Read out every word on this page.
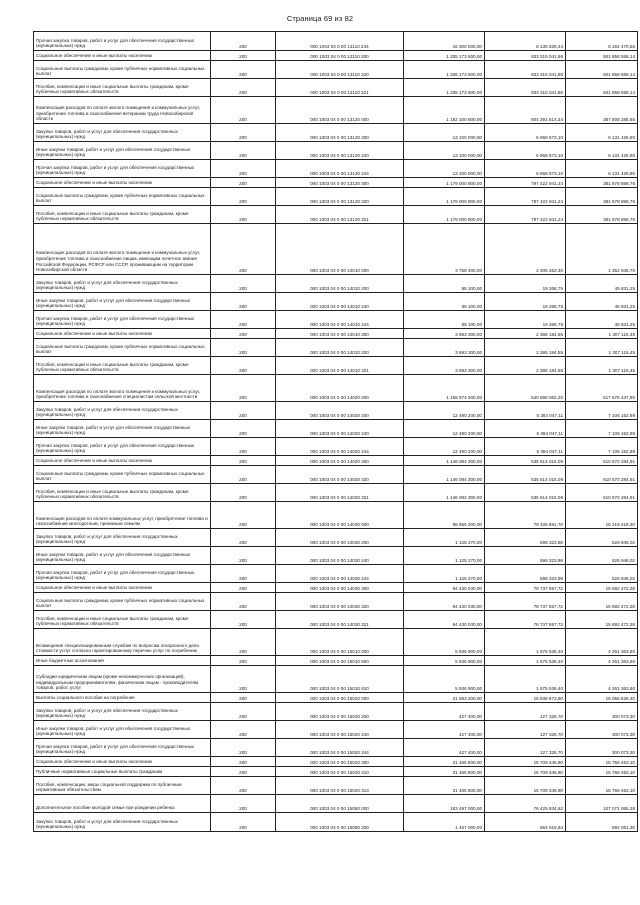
Страница 69 из 82
Прочая закупка товаров, работ и услуг для обеспечения государственных (муниципальных) нужд	200	000 1003 04 0 00 13110 244	16 300 000,00	8 135 629,44	8 164 470,56

Социальное обеспечение и иные выплаты населению	200	000 1003 04 0 00 13110 300	1 335 173 600,00	833 315 041,86	501 858 558,14

Социальные выплаты гражданам, кроме публичных нормативных социальных выплат	200	000 1003 04 0 00 13110 320	1 335 173 600,00	833 315 041,86	501 858 558,14

Пособия, компенсации и иные социальные выплаты гражданам, кроме публичных нормативных обязательств	200	000 1003 04 0 00 13110 321	1 335 173 600,00	833 315 041,86	501 858 558,14

Компенсация расходов по оплате жилого помещения и коммунальных услуг, приобретение топлива и газоснабжение ветеранам труда Новосибирской области	200	000 1003 04 0 00 13120 000	1 192 100 800,00	804 391 514,34	387 808 285,66

Закупка товаров, работ и услуг для обеспечения государственных (муниципальных) нужд	200	000 1003 04 0 00 13120 200	13 100 000,00	6 968 573,10	6 131 426,90

Иные закупки товаров, работ и услуг для обеспечения государственных (муниципальных) нужд	200	000 1003 04 0 00 13120 240	13 100 000,00	6 968 573,10	6 131 426,90

Прочая закупка товаров, работ и услуг для обеспечения государственных (муниципальных) нужд	200	000 1003 04 0 00 13120 244	13 100 000,00	6 968 573,10	6 131 426,90

Социальное обеспечение и иные выплаты населению	200	000 1003 04 0 00 13120 300	1 179 000 800,00	797 422 941,24	381 678 858,76

Социальные выплаты гражданам, кроме публичных нормативных социальных выплат	200	000 1003 04 0 00 13120 320	1 179 000 800,00	797 422 941,24	381 678 858,76

Пособия, компенсации и иные социальные выплаты гражданам, кроме публичных нормативных обязательств	200	000 1003 04 0 00 13120 321	1 179 000 800,00	797 422 941,24	381 678 858,76

Компенсация расходов по оплате жилого помещения и коммунальных услуг, приобретение топлива и газоснабжение лицам, имеющим почетное звание Российской Федерации, РСФСР или СССР, проживающим на территории Новосибирской области	200	000 1003 04 0 00 14010 000	3 758 400,00	2 405 453,30	1 352 946,70

Закупка товаров, работ и услуг для обеспечения государственных (муниципальных) нужд	200	000 1003 04 0 00 14010 200	65 100,00	19 268,75	45 831,25

Иные закупки товаров, работ и услуг для обеспечения государственных (муниципальных) нужд	200	000 1003 04 0 00 14010 240	65 100,00	19 268,75	45 831,25

Прочая закупка товаров, работ и услуг для обеспечения государственных (муниципальных) нужд	200	000 1003 04 0 00 14010 244	65 100,00	19 268,75	45 831,25

Социальное обеспечение и иные выплаты населению	200	000 1003 04 0 00 14010 300	3 693 300,00	2 386 184,55	1 307 115,45

Социальные выплаты гражданам, кроме публичных нормативных социальных выплат	200	000 1003 04 0 00 14010 320	3 693 300,00	2 386 184,55	1 307 115,45

Пособия, компенсации и иные социальные выплаты гражданам, кроме публичных нормативных обязательств	200	000 1003 04 0 00 14010 321	3 693 300,00	2 386 184,55	1 307 115,45

Компенсация расходов по оплате жилого помещения и коммунальных услуг, приобретение топлива и газоснабжение специалистам сельской местности	200	000 1003 04 0 00 14020 000	1 158 574 500,00	540 898 062,20	617 676 437,80

Закупка товаров, работ и услуг для обеспечения государственных (муниципальных) нужд	200	000 1003 04 0 00 14020 200	12 490 200,00	5 384 047,11	7 106 152,89

Иные закупки товаров, работ и услуг для обеспечения государственных (муниципальных) нужд	200	000 1003 04 0 00 14020 240	12 490 200,00	5 384 047,11	7 106 152,89

Прочая закупка товаров, работ и услуг для обеспечения государственных (муниципальных) нужд	200	000 1003 04 0 00 14020 244	12 490 200,00	5 384 047,11	7 106 152,89

Социальное обеспечение и иные выплаты населению	200	000 1003 04 0 00 14020 300	1 146 084 300,00	535 514 015,09	610 570 284,91

Социальные выплаты гражданам, кроме публичных нормативных социальных выплат	200	000 1003 04 0 00 14020 320	1 146 084 300,00	535 514 015,09	610 570 284,91

Пособия, компенсации и иные социальные выплаты гражданам, кроме публичных нормативных обязательств	200	000 1003 04 0 00 14020 321	1 146 084 300,00	535 514 015,09	610 570 284,91

Компенсация расходов по оплате коммунальных услуг, приобретение топлива и газоснабжение многодетным, приемным семьям	200	000 1003 04 0 00 14030 000	95 555 300,00	79 335 881,70	16 219 418,30

Закупка товаров, работ и услуг для обеспечения государственных (муниципальных) нужд	200	000 1003 04 0 00 14030 200	1 125 270,00	598 323,98	526 946,02

Иные закупки товаров, работ и услуг для обеспечения государственных (муниципальных) нужд	200	000 1003 04 0 00 14030 240	1 125 270,00	598 323,98	526 946,02

Прочая закупка товаров, работ и услуг для обеспечения государственных (муниципальных) нужд	200	000 1003 04 0 00 14030 244	1 125 270,00	598 323,98	526 946,02

Социальное обеспечение и иные выплаты населению	200	000 1003 04 0 00 14030 300	94 430 030,00	78 737 557,72	15 692 472,28

Социальные выплаты гражданам, кроме публичных нормативных социальных выплат	200	000 1003 04 0 00 14030 320	94 430 030,00	78 737 557,72	15 692 472,28

Пособия, компенсации и иные социальные выплаты гражданам, кроме публичных нормативных обязательств	200	000 1003 04 0 00 14030 321	94 430 030,00	78 737 557,72	15 692 472,28

Возмещение специализированным службам по вопросам похоронного дела стоимости услуг согласно гарантированному перечню услуг по погребению	200	000 1003 04 0 00 15010 000	5 936 900,00	1 675 536,40	4 261 363,60

Иные бюджетные ассигнования	200	000 1003 04 0 00 15010 800	5 936 900,00	1 675 536,40	4 261 363,60

Субсидии юридическим лицам (кроме некоммерческих организаций), индивидуальным предпринимателям, физическим лицам - производителям товаров, работ, услуг	200	000 1003 04 0 00 15010 810	5 936 900,00	1 675 536,40	4 261 363,60

Выплаты социального пособия на погребение	200	000 1003 04 0 00 15020 000	31 893 200,00	15 836 673,60	16 056 526,40

Закупка товаров, работ и услуг для обеспечения государственных (муниципальных) нужд	200	000 1003 04 0 00 15020 200	427 400,00	127 326,70	300 073,30

Иные закупки товаров, работ и услуг для обеспечения государственных (муниципальных) нужд	200	000 1003 04 0 00 15020 240	427 400,00	127 326,70	300 073,30

Прочая закупка товаров, работ и услуг для обеспечения государственных (муниципальных) нужд	200	000 1003 04 0 00 15020 244	427 400,00	127 326,70	300 073,30

Социальное обеспечение и иные выплаты населению	200	000 1003 04 0 00 15020 300	31 465 800,00	15 709 346,90	15 756 453,10

Публичные нормативные социальные выплаты гражданам	200	000 1003 04 0 00 15020 310	31 465 800,00	15 709 346,90	15 756 453,10

Пособия, компенсации, меры социальной поддержки по публичным нормативным обязательствам	200	000 1003 04 0 00 15020 313	31 465 800,00	15 709 346,90	15 756 453,10

Дополнительное пособие молодой семье при рождении ребенка	200	000 1003 04 0 00 15050 000	183 497 000,00	76 425 934,62	107 071 065,38

Закупка товаров, работ и услуг для обеспечения государственных (муниципальных) нужд	200	000 1003 04 0 00 15050 200	1 457 000,00	864 918,64	592 081,36
